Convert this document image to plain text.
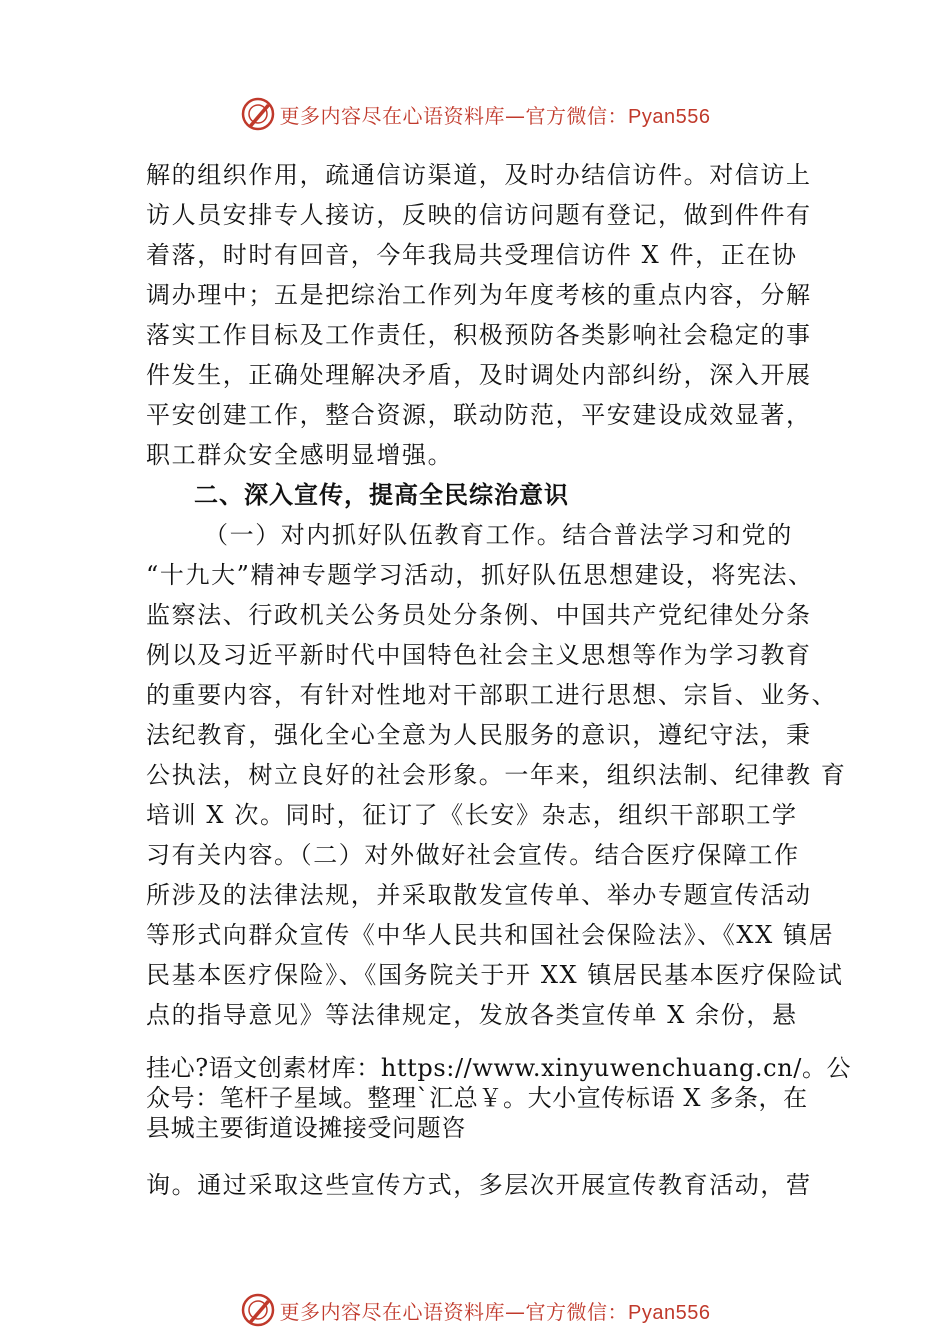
更多内容尽在心语资料库—官方微信：Pyan556
解的组织作用，疏通信访渠道，及时办结信访件。对信访上
访人员安排专人接访，反映的信访问题有登记，做到件件有
着落，时时有回音，今年我局共受理信访件 X 件，正在协
调办理中；五是把综治工作列为年度考核的重点内容，分解
落实工作目标及工作责任，积极预防各类影响社会稳定的事
件发生，正确处理解决矛盾，及时调处内部纠纷，深入开展
平安创建工作，整合资源，联动防范，平安建设成效显著，
职工群众安全感明显增强。
二、深入宣传，提高全民综治意识
（一）对内抓好队伍教育工作。结合普法学习和党的
“十九大”精神专题学习活动，抓好队伍思想建设，将宪法、
监察法、行政机关公务员处分条例、中国共产党纪律处分条
例以及习近平新时代中国特色社会主义思想等作为学习教育
的重要内容，有针对性地对干部职工进行思想、宗旨、业务、
法纪教育，强化全心全意为人民服务的意识，遵纪守法，秉
公执法，树立良好的社会形象。一年来，组织法制、纪律教 育
培训 X 次。同时，征订了《长安》杂志，组织干部职工学
习有关内容。（二）对外做好社会宣传。结合医疗保障工作
所涉及的法律法规，并采取散发宣传单、举办专题宣传活动
等形式向群众宣传《中华人民共和国社会保险法》、《XX 镇居
民基本医疗保险》、《国务院关于开 XX 镇居民基本医疗保险试
点的指导意见》等法律规定，发放各类宣传单 X 余份，悬
挂心?语文创素材库：https://www.xinyuwenchuang.cn/。公
众号：笔杆子星域。整理`汇总￥。大小宣传标语 X 多条，在
县城主要街道设摊接受问题咨
询。通过采取这些宣传方式，多层次开展宣传教育活动，营
更多内容尽在心语资料库—官方微信：Pyan556
